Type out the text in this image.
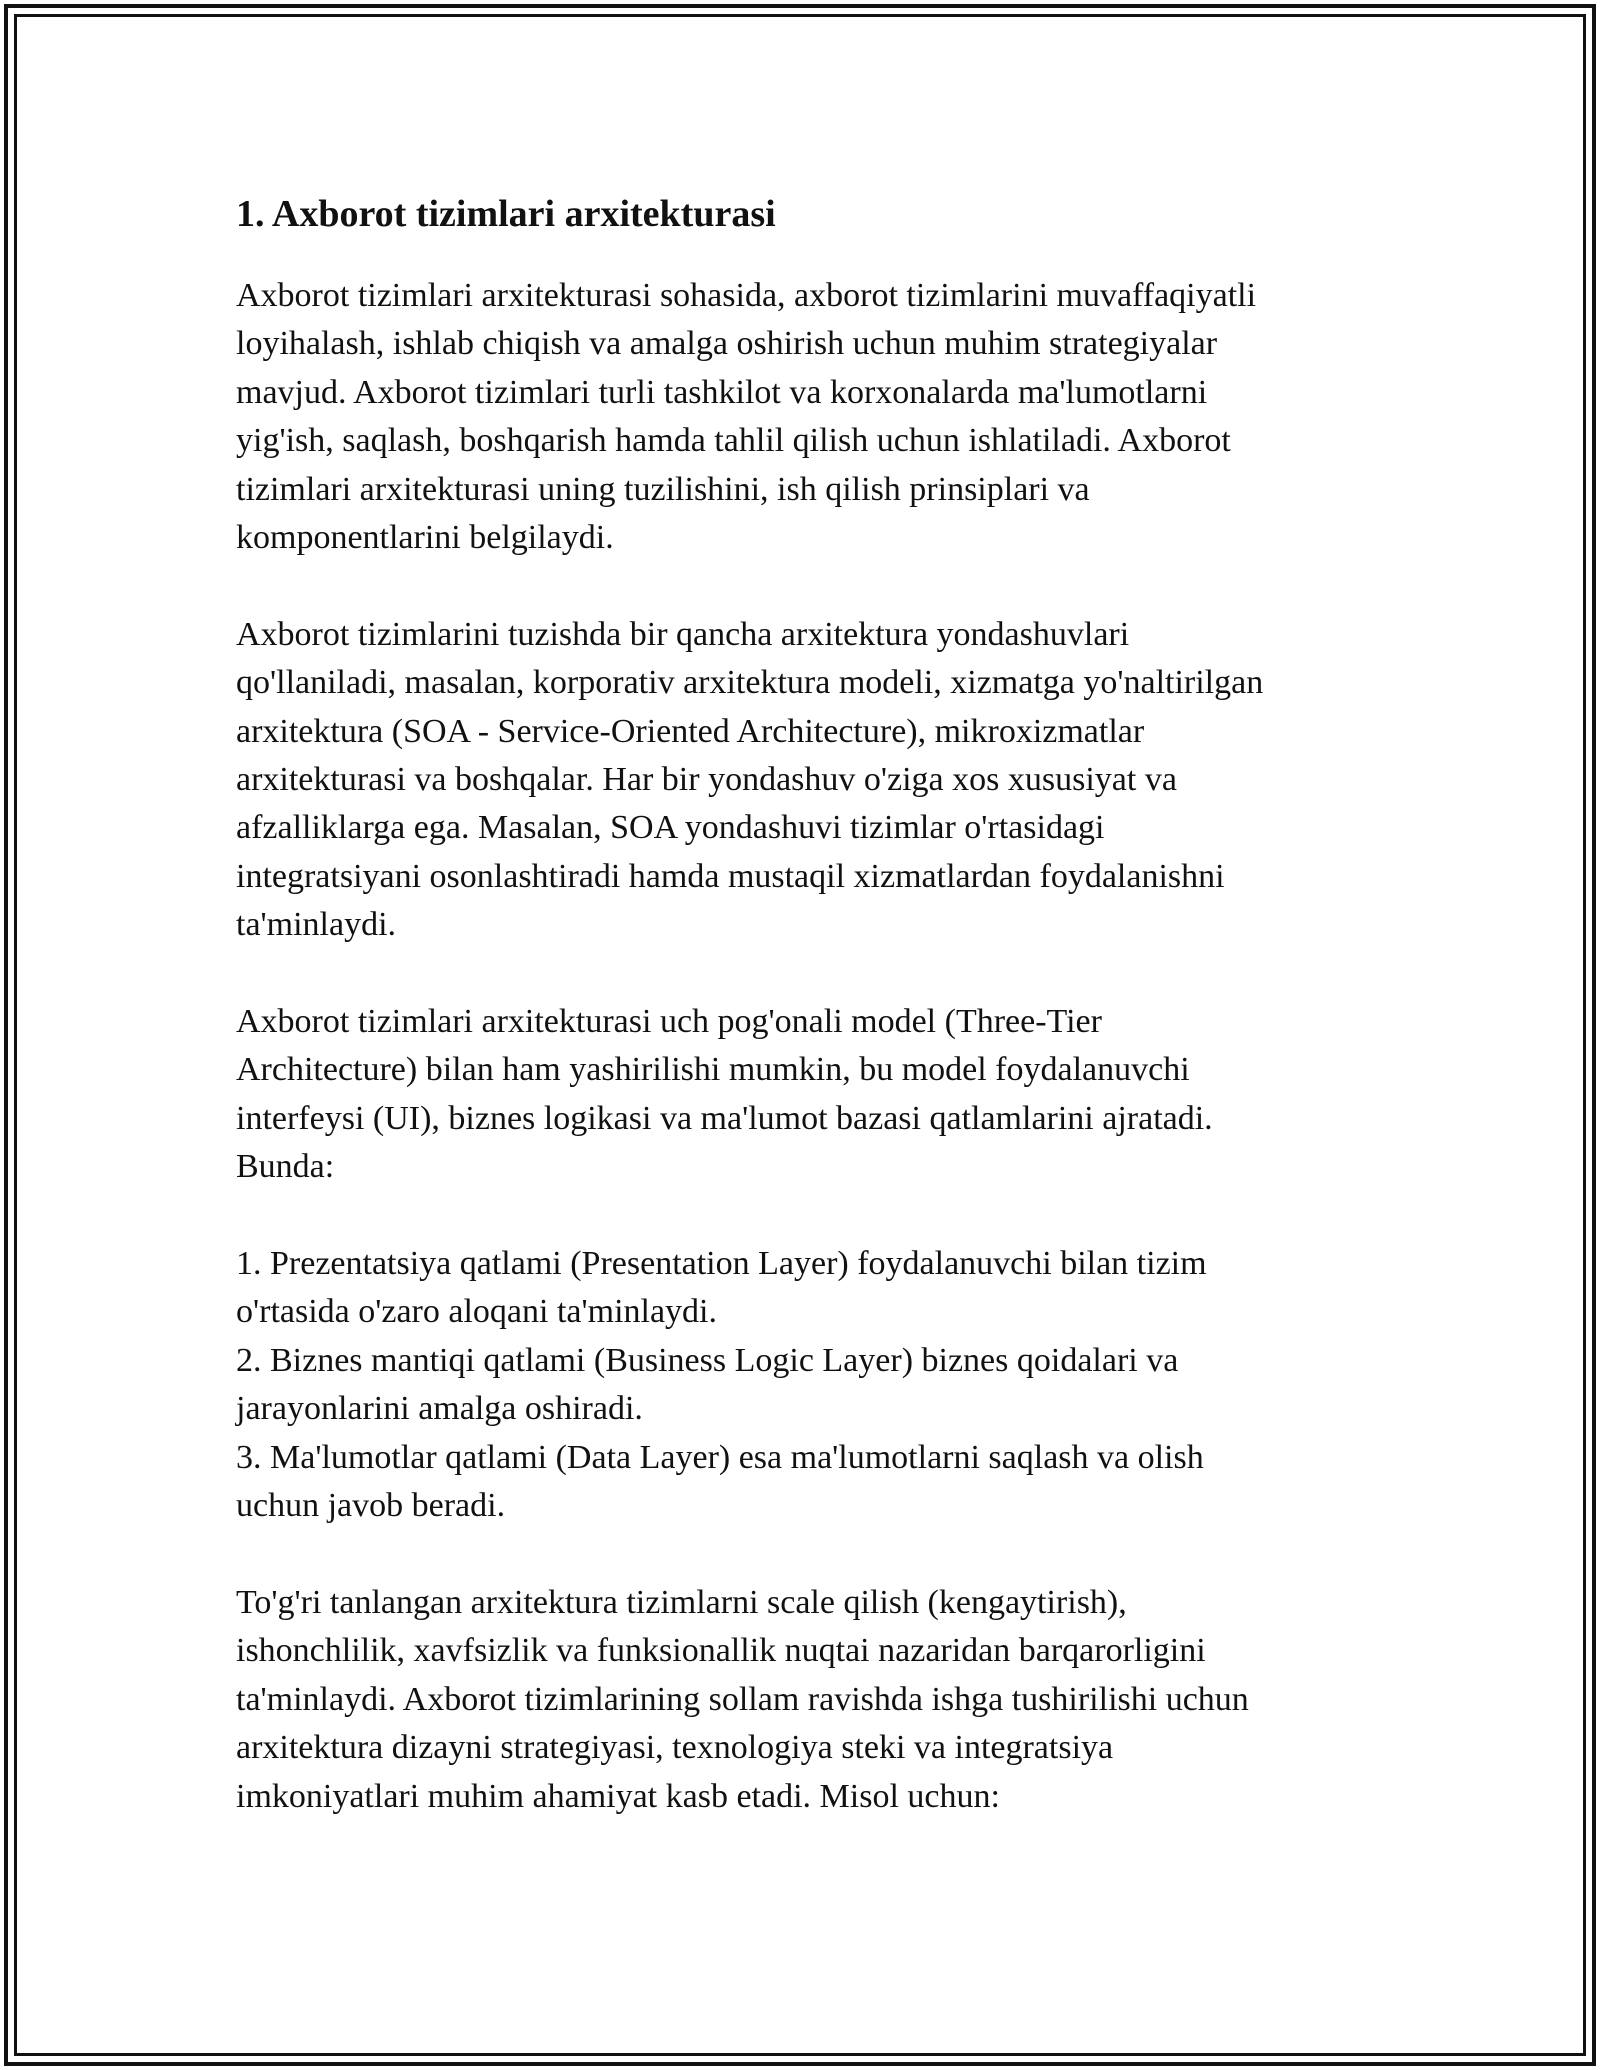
1. Axborot tizimlari arxitekturasi

Axborot tizimlari arxitekturasi sohasida, axborot tizimlarini muvaffaqiyatli
loyihalash, ishlab chiqish va amalga oshirish uchun muhim strategiyalar
mavjud. Axborot tizimlari turli tashkilot va korxonalarda ma'lumotlarni
yig'ish, saqlash, boshqarish hamda tahlil qilish uchun ishlatiladi. Axborot
tizimlari arxitekturasi uning tuzilishini, ish qilish prinsiplari va
komponentlarini belgilaydi.

Axborot tizimlarini tuzishda bir qancha arxitektura yondashuvlari
qo'llaniladi, masalan, korporativ arxitektura modeli, xizmatga yo'naltirilgan
arxitektura (SOA - Service-Oriented Architecture), mikroxizmatlar
arxitekturasi va boshqalar. Har bir yondashuv o'ziga xos xususiyat va
afzalliklarga ega. Masalan, SOA yondashuvi tizimlar o'rtasidagi
integratsiyani osonlashtiradi hamda mustaqil xizmatlardan foydalanishni
ta'minlaydi.

Axborot tizimlari arxitekturasi uch pog'onali model (Three-Tier
Architecture) bilan ham yashirilishi mumkin, bu model foydalanuvchi
interfeysi (UI), biznes logikasi va ma'lumot bazasi qatlamlarini ajratadi.
Bunda:

1. Prezentatsiya qatlami (Presentation Layer) foydalanuvchi bilan tizim
o'rtasida o'zaro aloqani ta'minlaydi.
2. Biznes mantiqi qatlami (Business Logic Layer) biznes qoidalari va
jarayonlarini amalga oshiradi.
3. Ma'lumotlar qatlami (Data Layer) esa ma'lumotlarni saqlash va olish
uchun javob beradi.

To'g'ri tanlangan arxitektura tizimlarni scale qilish (kengaytirish),
ishonchlilik, xavfsizlik va funksionallik nuqtai nazaridan barqarorligini
ta'minlaydi. Axborot tizimlarining sollam ravishda ishga tushirilishi uchun
arxitektura dizayni strategiyasi, texnologiya steki va integratsiya
imkoniyatlari muhim ahamiyat kasb etadi. Misol uchun:
